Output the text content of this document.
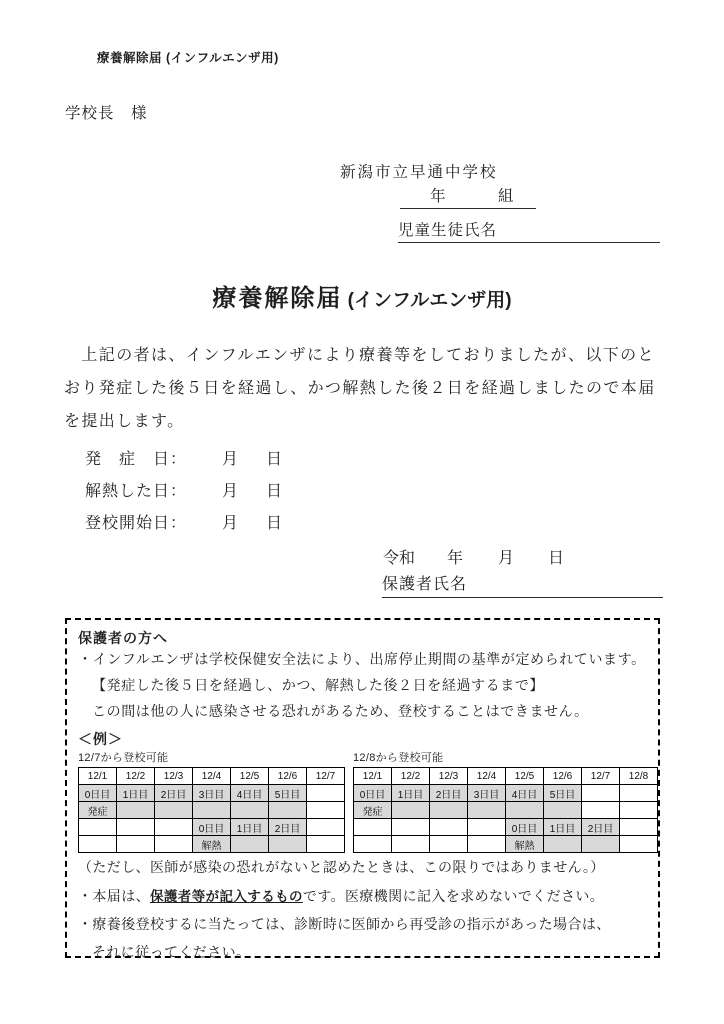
療養解除届 (インフルエンザ用)
学校長　様
新潟市立早通中学校
年	組
児童生徒氏名
療養解除届 (インフルエンザ用)
　上記の者は、インフルエンザにより療養等をしておりましたが、以下のと
おり発症した後５日を経過し、かつ解熱した後２日を経過しましたので本届
を提出します。
発　症　日： 月 日
解熱した日： 月 日
登校開始日： 月 日
令和 年 月 日
保護者氏名
保護者の方へ
・インフルエンザは学校保健安全法により、出席停止期間の基準が定められています。
【発症した後５日を経過し、かつ、解熱した後２日を経過するまで】
この間は他の人に感染させる恐れがあるため、登校することはできません。
＜例＞
12/7から登校可能
12/1	12/2	12/3	12/4	12/5	12/6	12/7
0日目	1日目	2日目	3日目	4日目	5日目	
発症						
			0日目	1日目	2日目	
			解熱			
12/8から登校可能
12/1	12/2	12/3	12/4	12/5	12/6	12/7	12/8
0日目	1日目	2日目	3日目	4日目	5日目		
発症							
				0日目	1日目	2日目	
				解熱			
（ただし、医師が感染の恐れがないと認めたときは、この限りではありません。）
・本届は、保護者等が記入するものです。医療機関に記入を求めないでください。
・療養後登校するに当たっては、診断時に医師から再受診の指示があった場合は、
それに従ってください。
